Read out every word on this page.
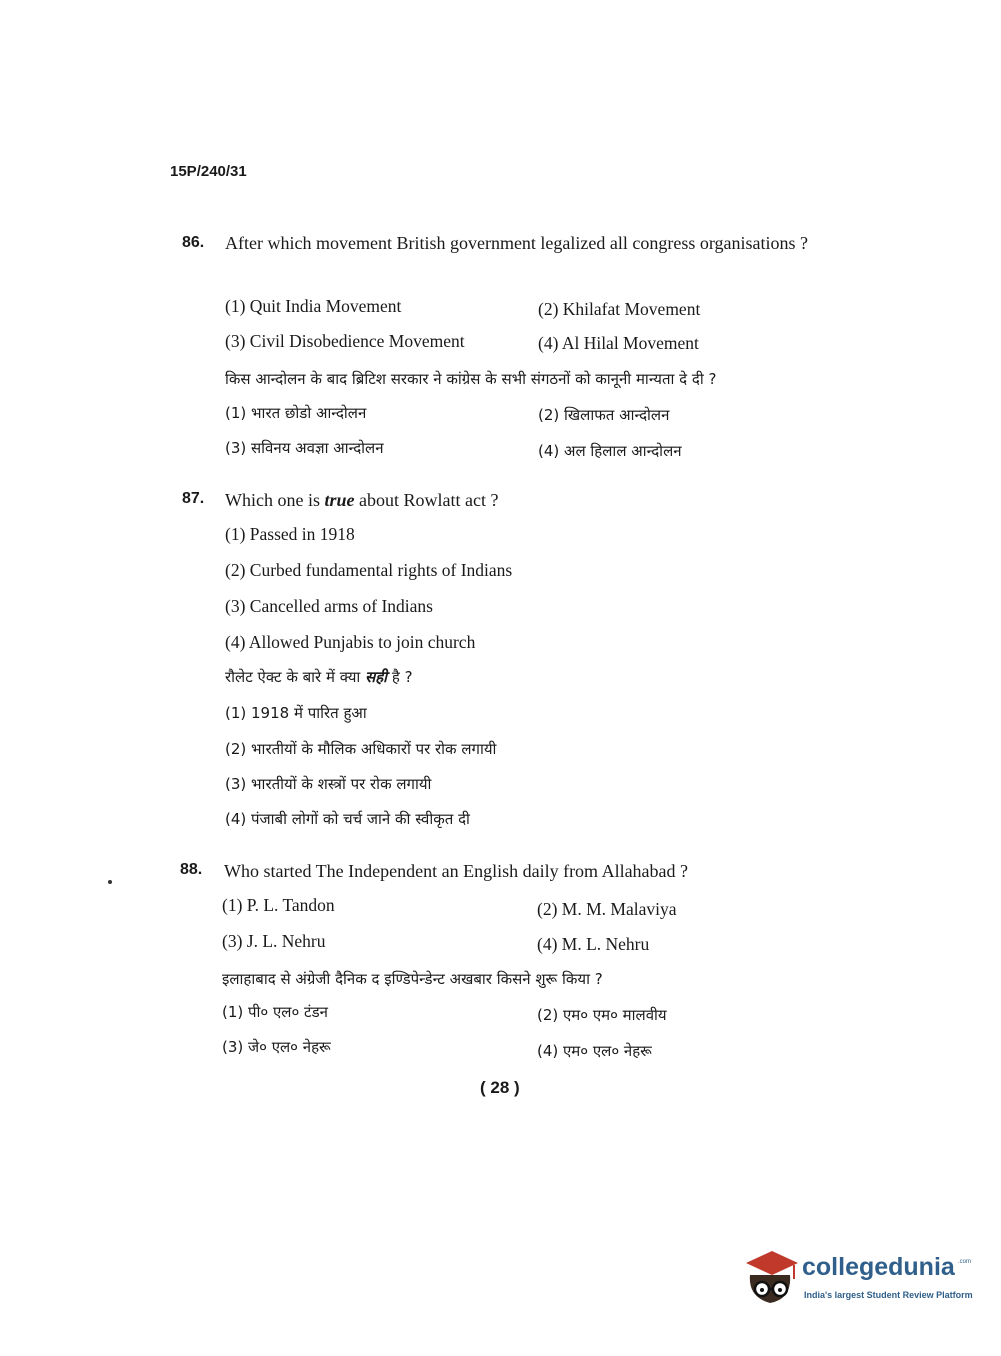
15P/240/31
86. After which movement British government legalized all congress organisations ?
(1) Quit India Movement	(2) Khilafat Movement
(3) Civil Disobedience Movement	(4) Al Hilal Movement
किस आन्दोलन के बाद ब्रिटिश सरकार ने कांग्रेस के सभी संगठनों को कानूनी मान्यता दे दी ?
(1) भारत छोडो आन्दोलन	(2) खिलाफत आन्दोलन
(3) सविनय अवज्ञा आन्दोलन	(4) अल हिलाल आन्दोलन
87. Which one is true about Rowlatt act ?
(1) Passed in 1918
(2) Curbed fundamental rights of Indians
(3) Cancelled arms of Indians
(4) Allowed Punjabis to join church
रौलेट ऐक्ट के बारे में क्या सही है ?
(1) 1918 में पारित हुआ
(2) भारतीयों के मौलिक अधिकारों पर रोक लगायी
(3) भारतीयों के शस्त्रों पर रोक लगायी
(4) पंजाबी लोगों को चर्च जाने की स्वीकृत दी
88. Who started The Independent an English daily from Allahabad ?
(1) P. L. Tandon	(2) M. M. Malaviya
(3) J. L. Nehru	(4) M. L. Nehru
इलाहाबाद से अंग्रेजी दैनिक द इण्डिपेन्डेन्ट अखबार किसने शुरू किया ?
(1) पी० एल० टंडन	(2) एम० एम० मालवीय
(3) जे० एल० नेहरू	(4) एम० एल० नेहरू
( 28 )
collegedunia .com
India's largest Student Review Platform
